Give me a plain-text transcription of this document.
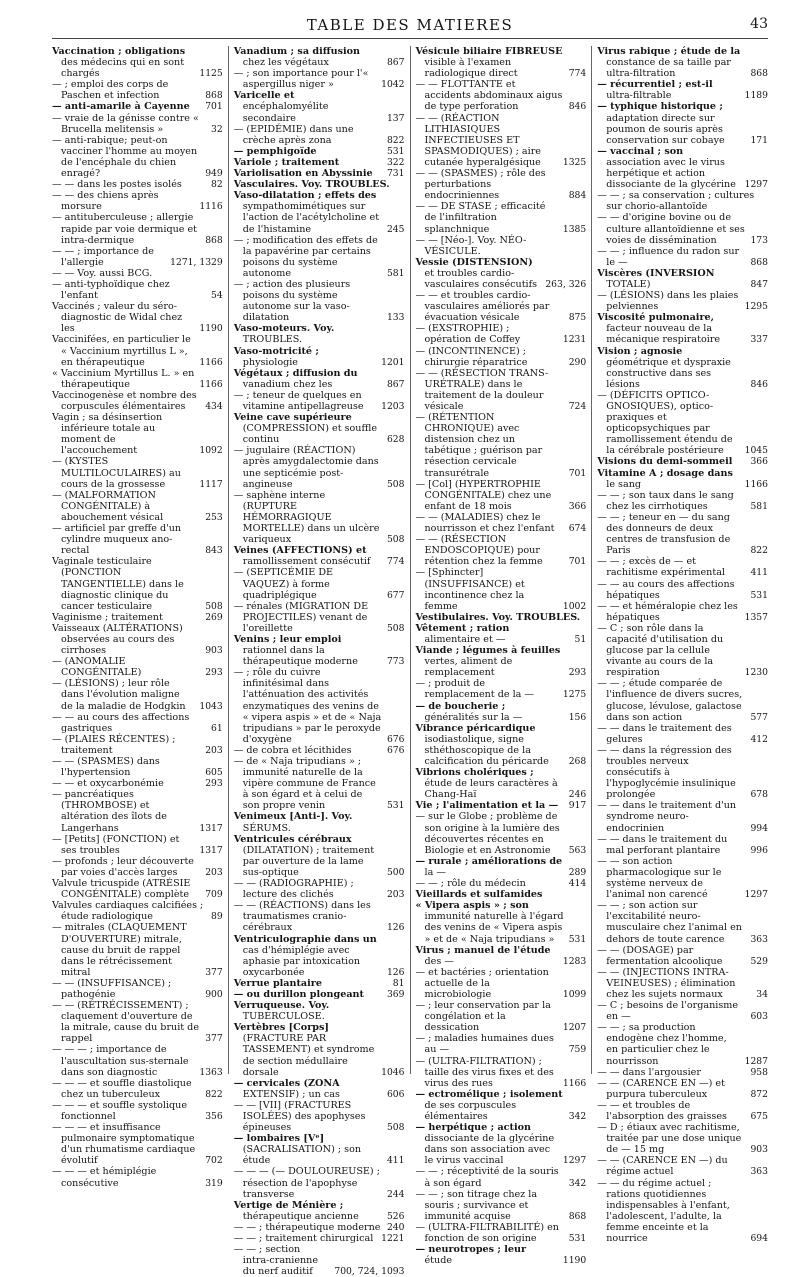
TABLE DES MATIERES	43
Vaccination ; obligations des médecins qui en sont chargés	1125
— ; emploi des corps de Paschen et infection	868
— anti-amarile à Cayenne	701
— vraie de la génisse contre « Brucella melitensis »	32
— anti-rabique; peut-on vacciner l'homme au moyen de l'encéphale du chien enragé?	949
— — dans les postes isolés	82
— — des chiens après morsure	1116
— antituberculeuse ; allergie rapide par voie dermique et intra-dermique	868
— — ; importance de l'allergie	1271, 1329
— — Voy. aussi BCG.
— anti-typhoïdique chez l'enfant	54
Vaccinés ; valeur du séro-diagnostic de Widal chez les	1190
Vaccinifées, en particulier le « Vaccinium myrtillus L », en thérapeutique	1166
« Vaccinium Myrtillus L. » en thérapeutique	1166
Vaccinogenèse et nombre des corpuscules élémentaires	434
Vagin ; sa désinsertion inférieure totale au moment de l'accouchement	1092
— (KYSTES MULTILOCULAIRES) au cours de la grossesse	1117
— (MALFORMATION CONGÉNITALE) à abouchement vésical	253
— artificiel par greffe d'un cylindre muqueux ano-rectal	843
Vaginale testiculaire (PONCTION TANGENTIELLE) dans le diagnostic clinique du cancer testiculaire	508
Vaginisme ; traitement	269
Vaisseaux (ALTÉRATIONS) observées au cours des cirrhoses	903
— (ANOMALIE CONGÉNITALE)	293
— (LÉSIONS) ; leur rôle dans l'évolution maligne de la maladie de Hodgkin	1043
— — au cours des affections gastriques	61
— (PLAIES RÉCENTES) ; traitement	203
— — (SPASMES) dans l'hypertension	605
— — et oxycarbonémie	293
— pancréatiques (THROMBOSE) et altération des îlots de Langerhans	1317
— [Petits] (FONCTION) et ses troubles	1317
— profonds ; leur découverte par voies d'accès larges	203
Valvule tricuspide (ATRÉSIE CONGÉNITALE) complète	709
Valvules cardiaques calcifiées ; étude radiologique	89
— mitrales (CLAQUEMENT D'OUVERTURE) mitrale, cause du bruit de rappel dans le rétrécissement mitral	377
— — (INSUFFISANCE) ; pathogénie	900
— — (RÉTRÉCISSEMENT) ; claquement d'ouverture de la mitrale, cause du bruit de rappel	377
— — — ; importance de l'auscultation sus-sternale dans son diagnostic	1363
— — — et souffle diastolique chez un tuberculeux	822
— — — et souffle systolique fonctionnel	356
— — — et insuffisance pulmonaire symptomatique d'un rhumatisme cardiaque évolutif	702
— — — et hémiplégie consécutive	319
Vanadium ; sa diffusion chez les végétaux	867
— ; son importance pour l'« aspergillus niger »	1042
Varicelle et encéphalomyélite secondaire	137
— (EPIDÉMIE) dans une crèche après zona	822
— pemphigoïde	531
Variole ; traitement	322
Variolisation en Abyssinie	731
Vasculaires. Voy. TROUBLES.
Vaso-dilatation ; effets des sympathomimétiques sur l'action de l'acétylcholine et de l'histamine	245
— ; modification des effets de la papavérine par certains poisons du système autonome	581
— ; action des plusieurs poisons du système autonome sur la vaso-dilatation	133
Vaso-moteurs. Voy. TROUBLES.
Vaso-motricité ; physiologie	1201
Végétaux ; diffusion du vanadium chez les	867
— ; teneur de quelques en vitamine antipellagreuse	1203
Veine cave supérieure (COMPRESSION) et souffle continu	628
— jugulaire (RÉACTION) après amygdalectomie dans une septicémie post-angineuse	508
— saphène interne (RUPTURE HÉMORRAGIQUE MORTELLE) dans un ulcère variqueux	508
Veines (AFFECTIONS) et ramollissement consécutif	774
— (SEPTICÉMIE DE VAQUEZ) à forme quadriplégique	677
— rénales (MIGRATION DE PROJECTILES) venant de l'oreillette	508
Venins ; leur emploi rationnel dans la thérapeutique moderne	773
— ; rôle du cuivre infinitésimal dans l'atténuation des activités enzymatiques des venins de « vipera aspis » et de « Naja tripudians » par le peroxyde d'oxygène	676
— de cobra et lécithides	676
— de « Naja tripudians » ; immunité naturelle de la vipère commune de France à son égard et à celui de son propre venin	531
Venimeux [Anti-]. Voy. SÉRUMS.
Ventricules cérébraux (DILATATION) ; traitement par ouverture de la lame sus-optique	500
— — (RADIOGRAPHIE) ; lecture des clichés	203
— — (RÉACTIONS) dans les traumatismes cranio-cérébraux	126
Ventriculographie dans un cas d'hémiplégie avec aphasie par intoxication oxycarbonée	126
Verrue plantaire	81
— ou durillon plongeant	369
Verruqueuse. Voy. TUBERCULOSE.
Vertèbres [Corps] (FRACTURE PAR TASSEMENT) et syndrome de section médullaire dorsale	1046
— cervicales (ZONA EXTENSIF) ; un cas	606
— — [VII] (FRACTURES ISOLÉES) des apophyses épineuses	508
— lombaires [Vᵉ] (SACRALISATION) ; son étude	411
— — — (— DOULOUREUSE) ; résection de l'apophyse transverse	244
Vertige de Ménière ; thérapeutique ancienne	526
— — ; thérapeutique moderne 240
— — ; traitement chirurgical 1221
— — ; section intra-cranienne du nerf auditif	700, 724, 1093
Vésicule biliaire FIBREUSE visible à l'examen radiologique direct	774
— — FLOTTANTE et accidents abdominaux aigus de type perforation	846
— — (RÉACTION LITHIASIQUES INFECTIEUSES ET SPASMODIQUES) ; aire cutanée hyperalgésique	1325
— — (SPASMES) ; rôle des perturbations endocriniennes	884
— — DE STASE ; efficacité de l'infiltration splanchnique	1385
— — [Néo-]. Voy. NÉO-VÉSICULE.
Vessie (DISTENSION) et troubles cardio-vasculaires consécutifs 263, 326
— — et troubles cardio-vasculaires améliorés par évacuation vésicale	875
— (EXSTROPHIE) ; opération de Coffey	1231
— (INCONTINENCE) ; chirurgie réparatrice	290
— — (RÉSECTION TRANS-URÉTRALE) dans le traitement de la douleur vésicale	724
— (RÉTENTION CHRONIQUE) avec distension chez un tabétique ; guérison par résection cervicale transurétrale	701
— [Col] (HYPERTROPHIE CONGÉNITALE) chez une enfant de 18 mois	366
— — (MALADIES) chez le nourrisson et chez l'enfant	674
— — (RÉSECTION ENDOSCOPIQUE) pour rétention chez la femme	701
— [Sphincter] (INSUFFISANCE) et incontinence chez la femme	1002
Vestibulaires. Voy. TROUBLES.
Vêtement ; ration alimentaire et —	51
Viande ; légumes à feuilles vertes, aliment de remplacement	293
— ; produit de remplacement de la —	1275
— de boucherie ; généralités sur la —	156
Vibrance péricardique isodiastolique, signe sthéthoscopique de la calcification du péricarde	268
Vibrions cholériques ; étude de leurs caractères à Chang-Haï	246
Vie ; l'alimentation et la —	917
— sur le Globe ; problème de son origine à la lumière des découvertes récentes en Biologie et en Astronomie	563
— rurale ; améliorations de la —	289
— — ; rôle du médecin	414
Vieillards et sulfamides
« Vipera aspis » ; son immunité naturelle à l'égard des venins de « Vipera aspis » et de « Naja tripudians »	531
Virus ; manuel de l'étude des —	1283
— et bactéries ; orientation actuelle de la microbiologie	1099
— ; leur conservation par la congélation et la dessication	1207
— ; maladies humaines dues au —	759
— (ULTRA-FILTRATION) ; taille des virus fixes et des virus des rues	1166
— ectromélique ; isolement de ses corpuscules élémentaires	342
— herpétique ; action dissociante de la glycérine dans son association avec le virus vaccinal	1297
— — ; réceptivité de la souris à son égard	342
— — ; son titrage chez la souris ; survivance et immunité acquise	868
— (ULTRA-FILTRABILITÉ) en fonction de son origine	531
— neurotropes ; leur étude	1190
Virus rabique ; étude de la constance de sa taille par ultra-filtration	868
— récurrentiel ; est-il ultra-filtrable	1189
— typhique historique ; adaptation directe sur poumon de souris après conservation sur cobaye	171
— vaccinal ; son association avec le virus herpétique et action dissociante de la glycérine 1297
— — ; sa conservation ; cultures sur chorio-allantoïde
— — d'origine bovine ou de culture allantoïdienne et ses voies de dissémination	173
— — ; influence du radon sur le —	868
Viscères (INVERSION TOTALE)	847
— (LÉSIONS) dans les plaies pelviennes	1295
Viscosité pulmonaire, facteur nouveau de la mécanique respiratoire	337
Vision ; agnosie géométrique et dyspraxie constructive dans ses lésions	846
— (DÉFICITS OPTICO-GNOSIQUES), optico-praxiques et opticopsychiques par ramollissement étendu de la cérébrale postérieure	1045
Visions du demi-sommeil	366
Vitamine A ; dosage dans le sang	1166
— — ; son taux dans le sang chez les cirrhotiques	581
— — ; teneur en — du sang des donneurs de deux centres de transfusion de Paris	822
— — ; excès de — et rachitisme expérimental	411
— — au cours des affections hépatiques	531
— — et héméralopie chez les hépatiques	1357
— C ; son rôle dans la capacité d'utilisation du glucose par la cellule vivante au cours de la respiration	1230
— — ; étude comparée de l'influence de divers sucres, glucose, lévulose, galactose dans son action	577
— — dans le traitement des gelures	412
— — dans la régression des troubles nerveux consécutifs à l'hypoglycémie insulinique prolongée	678
— — dans le traitement d'un syndrome neuro-endocrinien	994
— — dans le traitement du mal perforant plantaire	996
— — son action pharmacologique sur le système nerveux de l'animal non carencé	1297
— — ; son action sur l'excitabilité neuro-musculaire chez l'animal en dehors de toute carence	363
— — (DOSAGE) par fermentation alcoolique	529
— — (INJECTIONS INTRA-VEINEUSES) ; élimination chez les sujets normaux	34
— C ; besoins de l'organisme en —	603
— — ; sa production endogène chez l'homme, en particulier chez le nourrisson	1287
— — dans l'argousier	958
— — (CARENCE EN —) et purpura tuberculeux	872
— — et troubles de l'absorption des graisses	675
— D ; étiaux avec rachitisme, traitée par une dose unique de — 15 mg	903
— — (CARENCE EN —) du régime actuel	363
— — du régime actuel ; rations quotidiennes indispensables à l'enfant, l'adolescent, l'adulte, la femme enceinte et la nourrice	694
